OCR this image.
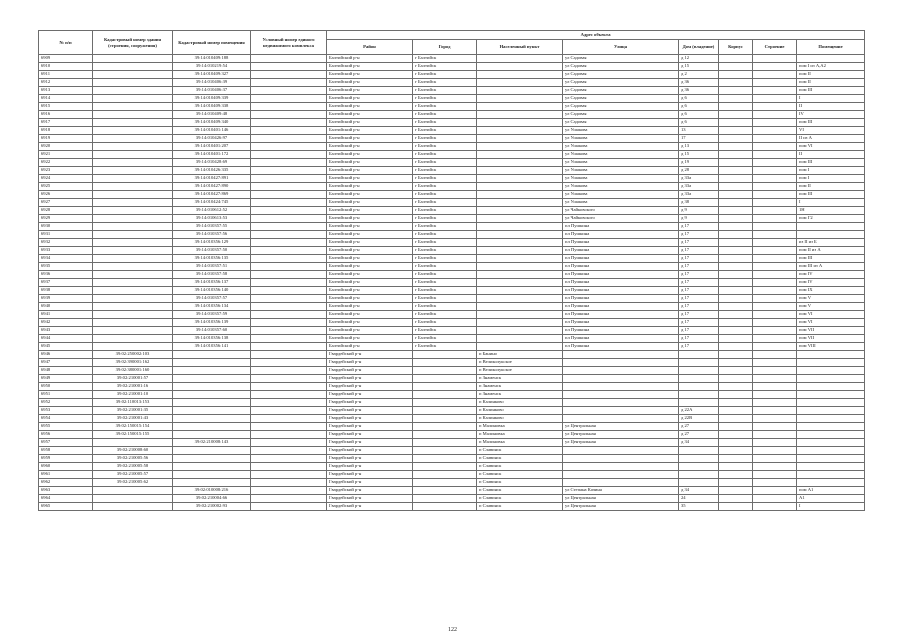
№ п/п	Кадастровый номер здания (строения, сооружения)	Кадастровый номер помещения	Условный номер единого недвижимого комплекса	Адрес объекта							
				Район	Город	Населенный пункт	Улица	Дом (владение)	Корпус	Строение	Помещение
6909		39:14:010409:188		Балтийский р-н	г Балтийск		ул Садовая	д 12			
6910		39:14:010219:54		Балтийский р-н	г Балтийск		ул Садовая	д 15			пом I из А,А2
6911		39:14:010409:327		Балтийский р-н	г Балтийск		ул Садовая	д 2			пом II
6912		39:14:010406:39		Балтийский р-н	г Балтийск		ул Садовая	д 36			пом II
6913		39:14:010406:37		Балтийский р-н	г Балтийск		ул Садовая	д 36			пом III
6914		39:14:010409:339		Балтийский р-н	г Балтийск		ул Садовая	д 6			I
6915		39:14:010409:338		Балтийский р-н	г Балтийск		ул Садовая	д 6			II
6916		39:14:010409:48		Балтийский р-н	г Балтийск		ул Садовая	д 6			IV
6917		39:14:010409:340		Балтийский р-н	г Балтийск		ул Садовая	д 6			пом III
6918		39:14:010401:146		Балтийский р-н	г Балтийск		ул Ушакова	13			VI
6919		39:14:010426:97		Балтийский р-н	г Балтийск		ул Ушакова	17			II из А
6920		39:14:010401:207		Балтийский р-н	г Балтийск		ул Ушакова	д 13			пом VI
6921		39:14:010401:172		Балтийский р-н	г Балтийск		ул Ушакова	д 15			II
6922		39:14:010428:69		Балтийский р-н	г Балтийск		ул Ушакова	д 19			пом III
6923		39:14:010426:335		Балтийский р-н	г Балтийск		ул Ушакова	д 28			пом I
6924		39:14:010427:891		Балтийский р-н	г Балтийск		ул Ушакова	д 33а			пом I
6925		39:14:010427:890		Балтийский р-н	г Балтийск		ул Ушакова	д 33а			пом II
6926		39:14:010427:869		Балтийский р-н	г Балтийск		ул Ушакова	д 33а			пом III
6927		39:14:010424:745		Балтийский р-н	г Балтийск		ул Ушакова	д 38			I
6928		39:14:010612:52		Балтийский р-н	г Балтийск		ул Чайковского	д 9			1Н
6929		39:14:010613:53		Балтийский р-н	г Балтийск		ул Чайковского	д 9			пом Г2
6930		39:14:010357:55		Балтийский р-н	г Балтийск		пл Пушкина	д 17			
6931		39:14:010357:56		Балтийский р-н	г Балтийск		пл Пушкина	д 17			
6932		39:14:010356:129		Балтийский р-н	г Балтийск		пл Пушкина	д 17			из II из Б
6933		39:14:010357:50		Балтийский р-н	г Балтийск		пл Пушкина	д 17			пом II из А
6934		39:14:010356:135		Балтийский р-н	г Балтийск		пл Пушкина	д 17			пом III
6935		39:14:010357:51		Балтийский р-н	г Балтийск		пл Пушкина	д 17			пом III из А
6936		39:14:010357:58		Балтийский р-н	г Балтийск		пл Пушкина	д 17			пом IV
6937		39:14:010356:137		Балтийский р-н	г Балтийск		пл Пушкина	д 17			пом IV
6938		39:14:010356:140		Балтийский р-н	г Балтийск		пл Пушкина	д 17			пом IX
6939		39:14:010357:57		Балтийский р-н	г Балтийск		пл Пушкина	д 17			пом V
6940		39:14:010356:134		Балтийский р-н	г Балтийск		пл Пушкина	д 17			пом V
6941		39:14:010357:59		Балтийский р-н	г Балтийск		пл Пушкина	д 17			пом VI
6942		39:14:010356:139		Балтийский р-н	г Балтийск		пл Пушкина	д 17			пом VI
6943		39:14:010357:60		Балтийский р-н	г Балтийск		пл Пушкина	д 17			пом VII
6944		39:14:010356:138		Балтийский р-н	г Балтийск		пл Пушкина	д 17			пом VII
6945		39:14:010356:141		Балтийский р-н	г Балтийск		пл Пушкина	д 17			пом VIII
6946	39:02:250002:103			Гвардейский р-н		п Банино					
6947	39:02:390001:162			Гвардейский р-н		п Великолукское					
6948	39:02:380001:160			Гвардейский р-н		п Великолукское					
6949	39:02:210001:57			Гвардейский р-н		п Знаменск					
6950	39:02:210001:16			Гвардейский р-н		п Знаменск					
6951	39:02:210001:10			Гвардейский р-н		п Знаменск					
6952	39:02:110013:153			Гвардейский р-н		п Калинково					
6953	39:02:210001:35			Гвардейский р-н		п Калинково		д 22А			
6954	39:02:210001:43			Гвардейский р-н		п Калинково		д 22В			
6955	39:02:150015:154			Гвардейский р-н		п Малиновка	ул Центральная	д 27			
6956	39:02:150015:155			Гвардейский р-н		п Малиновка	ул Центральная	д 27			
6957		39:02:210008:143		Гвардейский р-н		п Малиновка	ул Центральная	д 34			
6958	39:02:210008:60			Гвардейский р-н		п Славинск					
6959	39:02:210005:56			Гвардейский р-н		п Славинск					
6960	39:02:210005:58			Гвардейский р-н		п Славинск					
6961	39:02:210005:57			Гвардейский р-н		п Славинск					
6962	39:02:210005:62			Гвардейский р-н		п Славинск					
6963		39:02:010008:216		Гвардейский р-н		п Славинск	ул Степана Качина	д 34			пом А1
6964		39:02:210004:66		Гвардейский р-н		п Славинск	ул Центральная	24			А1
6965		39:02:210002:93		Гвардейский р-н		п Славинск	ул Центральная	35			I
122
